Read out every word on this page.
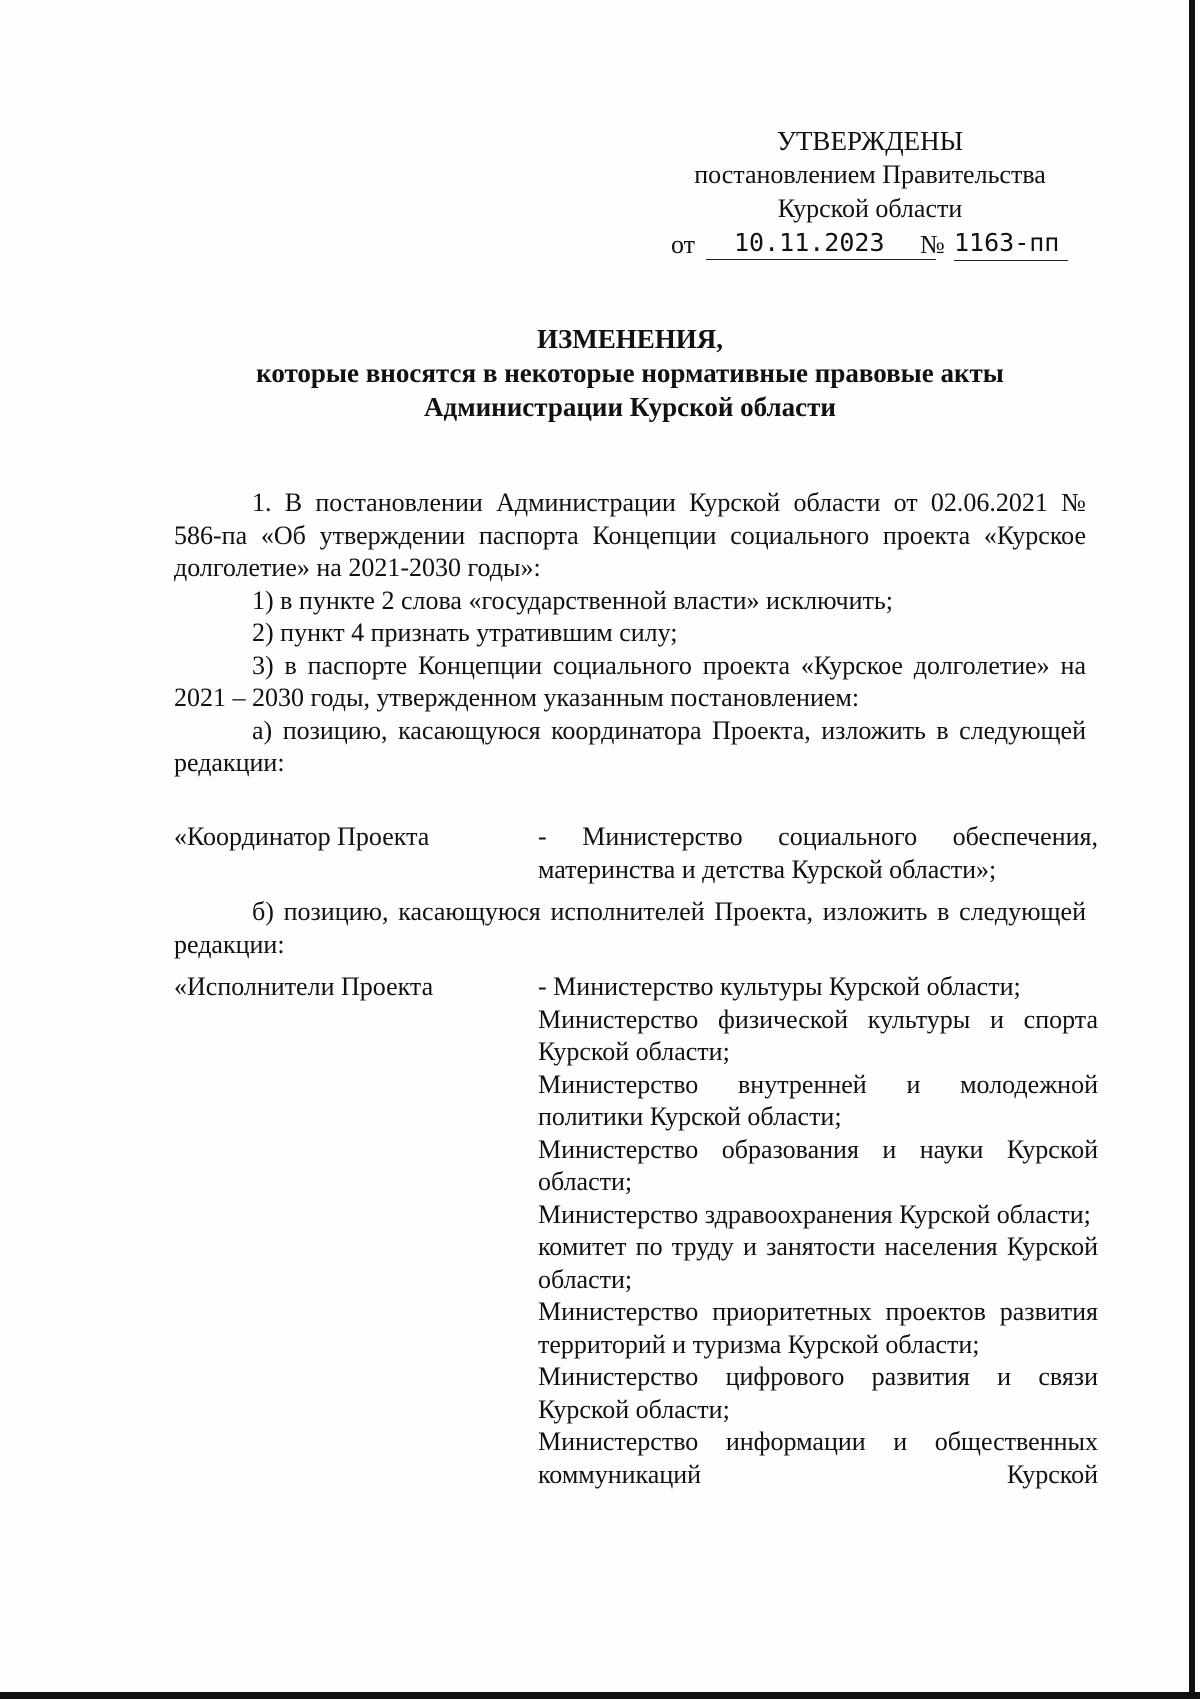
УТВЕРЖДЕНЫ
постановлением Правительства
Курской области
от	10.11.2023	№ 1163-пп
ИЗМЕНЕНИЯ,
которые вносятся в некоторые нормативные правовые акты
Администрации Курской области

1. В постановлении Администрации Курской области от 02.06.2021 № 586-па «Об утверждении паспорта Концепции социального проекта «Курское долголетие» на 2021-2030 годы»:

1) в пункте 2 слова «государственной власти» исключить;

2) пункт 4 признать утратившим силу;

3) в паспорте Концепции социального проекта «Курское долголетие» на 2021 – 2030 годы, утвержденном указанным постановлением:

а) позицию, касающуюся координатора Проекта, изложить в следующей редакции:

«Координатор Проекта	- Министерство социального обеспечения, материнства и детства Курской области»;

б) позицию, касающуюся исполнителей Проекта, изложить в следующей редакции:

«Исполнители Проекта	- Министерство культуры Курской области;

Министерство физической культуры и спорта Курской области;

Министерство внутренней и молодежной политики Курской области;

Министерство образования и науки Курской области;

Министерство здравоохранения Курской области;

комитет по труду и занятости населения Курской области;

Министерство приоритетных проектов развития территорий и туризма Курской области;

Министерство цифрового развития и связи Курской области;

Министерство информации и общественных коммуникаций Курской
